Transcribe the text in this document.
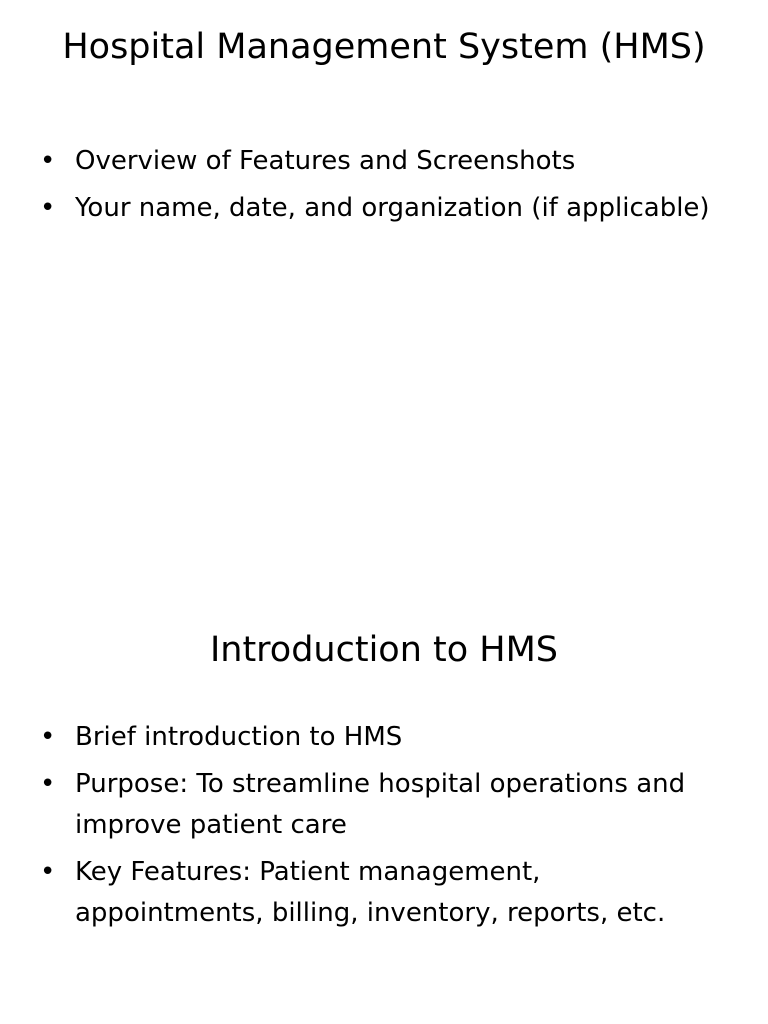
Hospital Management System (HMS)
• Overview of Features and Screenshots
• Your name, date, and organization (if applicable)
Introduction to HMS
• Brief introduction to HMS
• Purpose: To streamline hospital operations and improve patient care
• Key Features: Patient management, appointments, billing, inventory, reports, etc.
